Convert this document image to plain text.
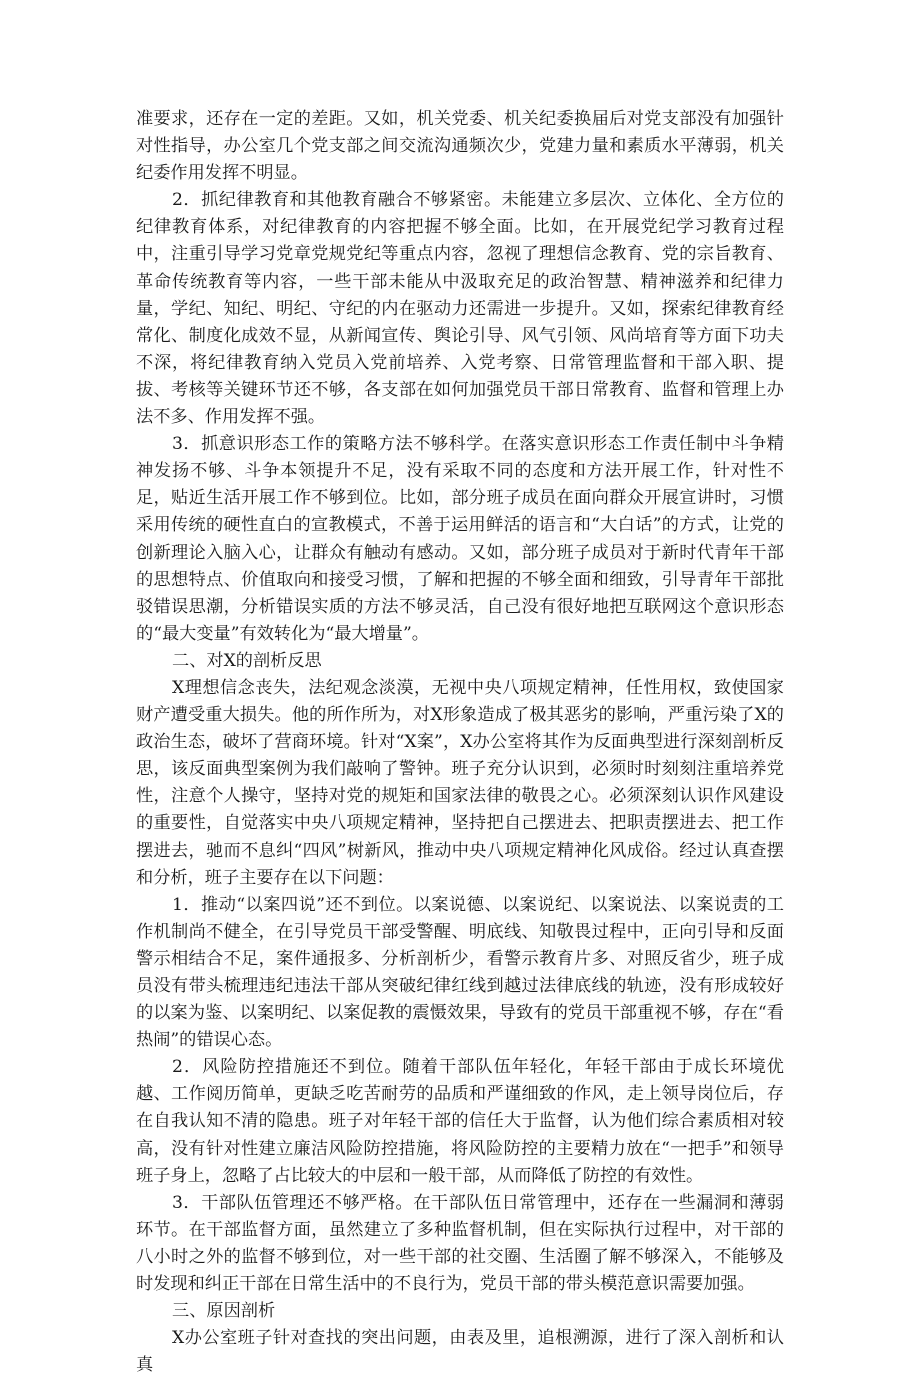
准要求，还存在一定的差距。又如，机关党委、机关纪委换届后对党支部没有加强针对性指导，办公室几个党支部之间交流沟通频次少，党建力量和素质水平薄弱，机关纪委作用发挥不明显。

2．抓纪律教育和其他教育融合不够紧密。未能建立多层次、立体化、全方位的纪律教育体系，对纪律教育的内容把握不够全面。比如，在开展党纪学习教育过程中，注重引导学习党章党规党纪等重点内容，忽视了理想信念教育、党的宗旨教育、革命传统教育等内容，一些干部未能从中汲取充足的政治智慧、精神滋养和纪律力量，学纪、知纪、明纪、守纪的内在驱动力还需进一步提升。又如，探索纪律教育经常化、制度化成效不显，从新闻宣传、舆论引导、风气引领、风尚培育等方面下功夫不深，将纪律教育纳入党员入党前培养、入党考察、日常管理监督和干部入职、提拔、考核等关键环节还不够，各支部在如何加强党员干部日常教育、监督和管理上办法不多、作用发挥不强。

3．抓意识形态工作的策略方法不够科学。在落实意识形态工作责任制中斗争精神发扬不够、斗争本领提升不足，没有采取不同的态度和方法开展工作，针对性不足，贴近生活开展工作不够到位。比如，部分班子成员在面向群众开展宣讲时，习惯采用传统的硬性直白的宣教模式，不善于运用鲜活的语言和“大白话”的方式，让党的创新理论入脑入心，让群众有触动有感动。又如，部分班子成员对于新时代青年干部的思想特点、价值取向和接受习惯，了解和把握的不够全面和细致，引导青年干部批驳错误思潮，分析错误实质的方法不够灵活，自己没有很好地把互联网这个意识形态的“最大变量”有效转化为“最大增量”。

二、对X的剖析反思

X理想信念丧失，法纪观念淡漠，无视中央八项规定精神，任性用权，致使国家财产遭受重大损失。他的所作所为，对X形象造成了极其恶劣的影响，严重污染了X的政治生态，破坏了营商环境。针对“X案”，X办公室将其作为反面典型进行深刻剖析反思，该反面典型案例为我们敲响了警钟。班子充分认识到，必须时时刻刻注重培养党性，注意个人操守，坚持对党的规矩和国家法律的敬畏之心。必须深刻认识作风建设的重要性，自觉落实中央八项规定精神，坚持把自己摆进去、把职责摆进去、把工作摆进去，驰而不息纠“四风”树新风，推动中央八项规定精神化风成俗。经过认真查摆和分析，班子主要存在以下问题：

1．推动“以案四说”还不到位。以案说德、以案说纪、以案说法、以案说责的工作机制尚不健全，在引导党员干部受警醒、明底线、知敬畏过程中，正向引导和反面警示相结合不足，案件通报多、分析剖析少，看警示教育片多、对照反省少，班子成员没有带头梳理违纪违法干部从突破纪律红线到越过法律底线的轨迹，没有形成较好的以案为鉴、以案明纪、以案促教的震慑效果，导致有的党员干部重视不够，存在“看热闹”的错误心态。

2．风险防控措施还不到位。随着干部队伍年轻化，年轻干部由于成长环境优越、工作阅历简单，更缺乏吃苦耐劳的品质和严谨细致的作风，走上领导岗位后，存在自我认知不清的隐患。班子对年轻干部的信任大于监督，认为他们综合素质相对较高，没有针对性建立廉洁风险防控措施，将风险防控的主要精力放在“一把手”和领导班子身上，忽略了占比较大的中层和一般干部，从而降低了防控的有效性。

3．干部队伍管理还不够严格。在干部队伍日常管理中，还存在一些漏洞和薄弱环节。在干部监督方面，虽然建立了多种监督机制，但在实际执行过程中，对干部的八小时之外的监督不够到位，对一些干部的社交圈、生活圈了解不够深入，不能够及时发现和纠正干部在日常生活中的不良行为，党员干部的带头模范意识需要加强。

三、原因剖析

X办公室班子针对查找的突出问题，由表及里，追根溯源，进行了深入剖析和认真
